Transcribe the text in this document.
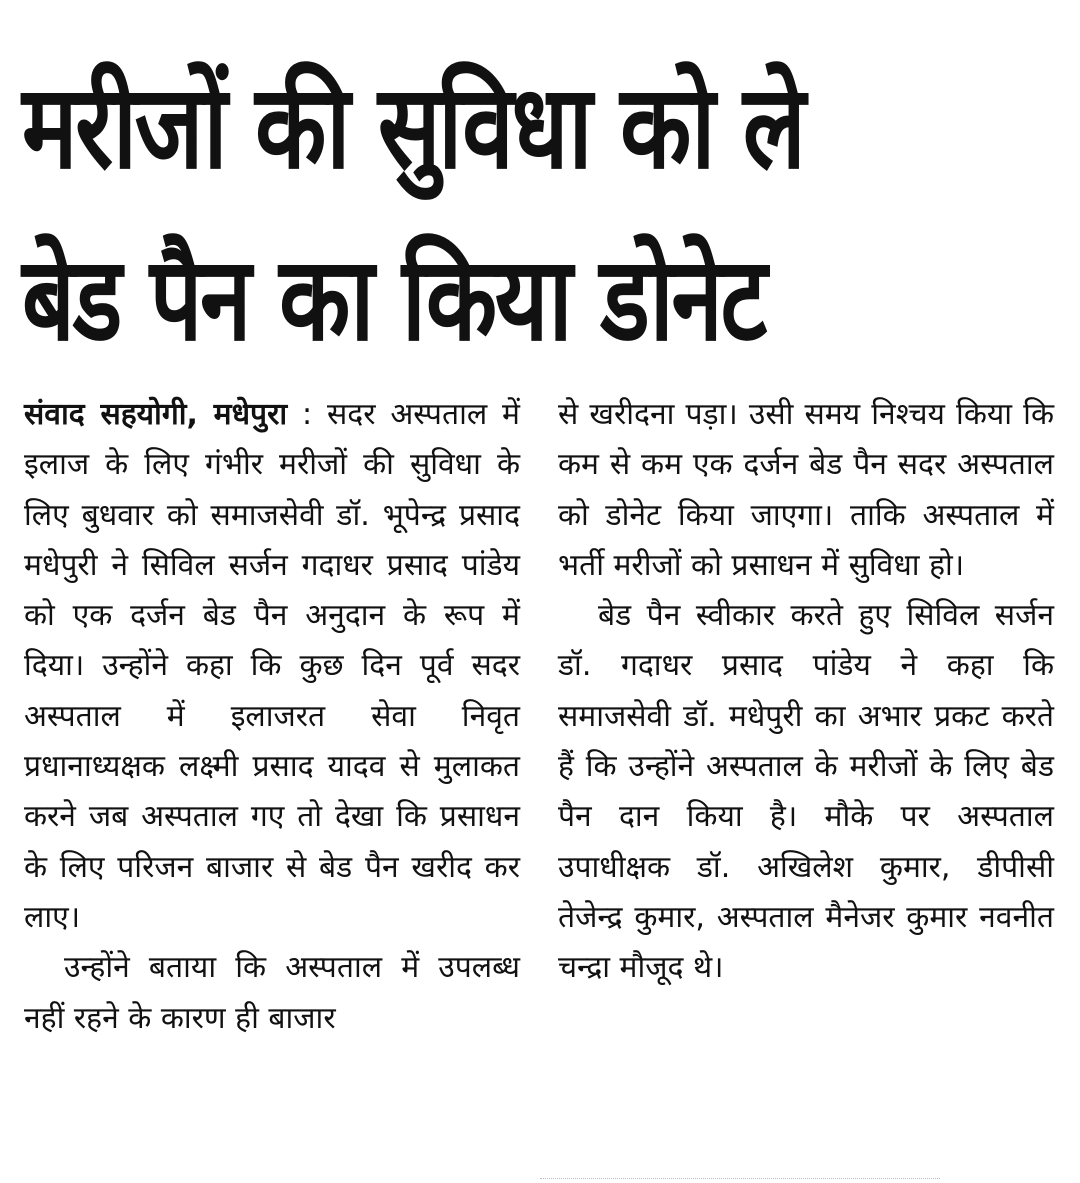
मरीजों की सुविधा को ले
बेड पैन का किया डोनेट

संवाद सहयोगी, मधेपुरा : सदर अस्पताल में इलाज के लिए गंभीर मरीजों की सुविधा के लिए बुधवार को समाजसेवी डॉ. भूपेन्द्र प्रसाद मधेपुरी ने सिविल सर्जन गदाधर प्रसाद पांडेय को एक दर्जन बेड पैन अनुदान के रूप में दिया। उन्होंने कहा कि कुछ दिन पूर्व सदर अस्पताल में इलाजरत सेवा निवृत प्रधानाध्यक्षक लक्ष्मी प्रसाद यादव से मुलाकत करने जब अस्पताल गए तो देखा कि प्रसाधन के लिए परिजन बाजार से बेड पैन खरीद कर लाए।

उन्होंने बताया कि अस्पताल में उपलब्ध नहीं रहने के कारण ही बाजार

से खरीदना पड़ा। उसी समय निश्चय किया कि कम से कम एक दर्जन बेड पैन सदर अस्पताल को डोनेट किया जाएगा। ताकि अस्पताल में भर्ती मरीजों को प्रसाधन में सुविधा हो।

बेड पैन स्वीकार करते हुए सिविल सर्जन डॉ. गदाधर प्रसाद पांडेय ने कहा कि समाजसेवी डॉ. मधेपुरी का अभार प्रकट करते हैं कि उन्होंने अस्पताल के मरीजों के लिए बेड पैन दान किया है। मौके पर अस्पताल उपाधीक्षक डॉ. अखिलेश कुमार, डीपीसी तेजेन्द्र कुमार, अस्पताल मैनेजर कुमार नवनीत चन्द्रा मौजूद थे।
